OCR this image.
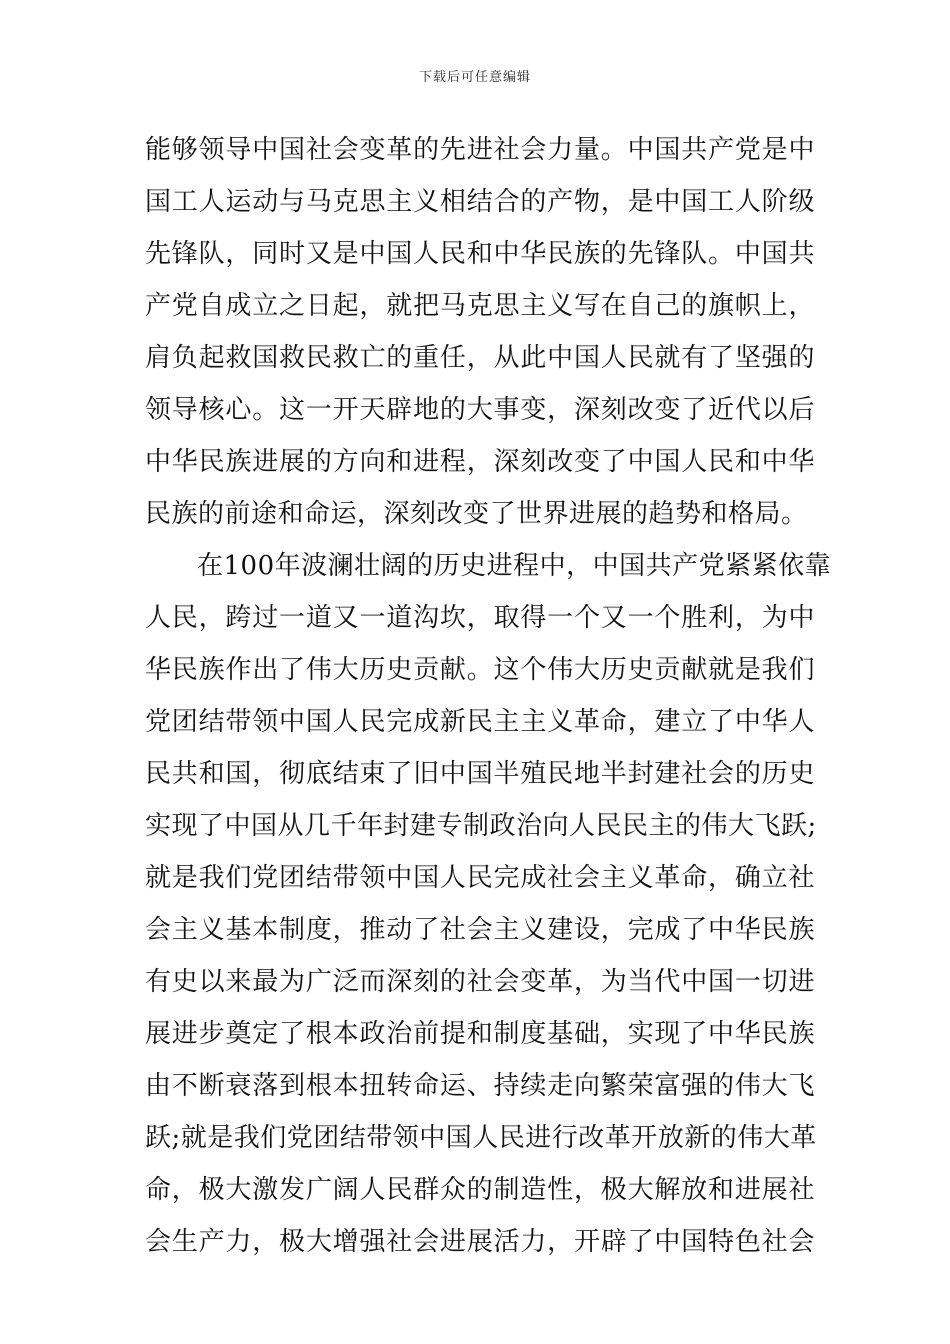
下载后可任意编辑
能够领导中国社会变革的先进社会力量。中国共产党是中
国工人运动与马克思主义相结合的产物，是中国工人阶级
先锋队，同时又是中国人民和中华民族的先锋队。中国共
产党自成立之日起，就把马克思主义写在自己的旗帜上，
肩负起救国救民救亡的重任，从此中国人民就有了坚强的
领导核心。这一开天辟地的大事变，深刻改变了近代以后
中华民族进展的方向和进程，深刻改变了中国人民和中华
民族的前途和命运，深刻改变了世界进展的趋势和格局。
在100年波澜壮阔的历史进程中，中国共产党紧紧依靠
人民，跨过一道又一道沟坎，取得一个又一个胜利，为中
华民族作出了伟大历史贡献。这个伟大历史贡献就是我们
党团结带领中国人民完成新民主主义革命，建立了中华人
民共和国，彻底结束了旧中国半殖民地半封建社会的历史
实现了中国从几千年封建专制政治向人民民主的伟大飞跃;
就是我们党团结带领中国人民完成社会主义革命，确立社
会主义基本制度，推动了社会主义建设，完成了中华民族
有史以来最为广泛而深刻的社会变革，为当代中国一切进
展进步奠定了根本政治前提和制度基础，实现了中华民族
由不断衰落到根本扭转命运、持续走向繁荣富强的伟大飞
跃;就是我们党团结带领中国人民进行改革开放新的伟大革
命，极大激发广阔人民群众的制造性，极大解放和进展社
会生产力，极大增强社会进展活力，开辟了中国特色社会
